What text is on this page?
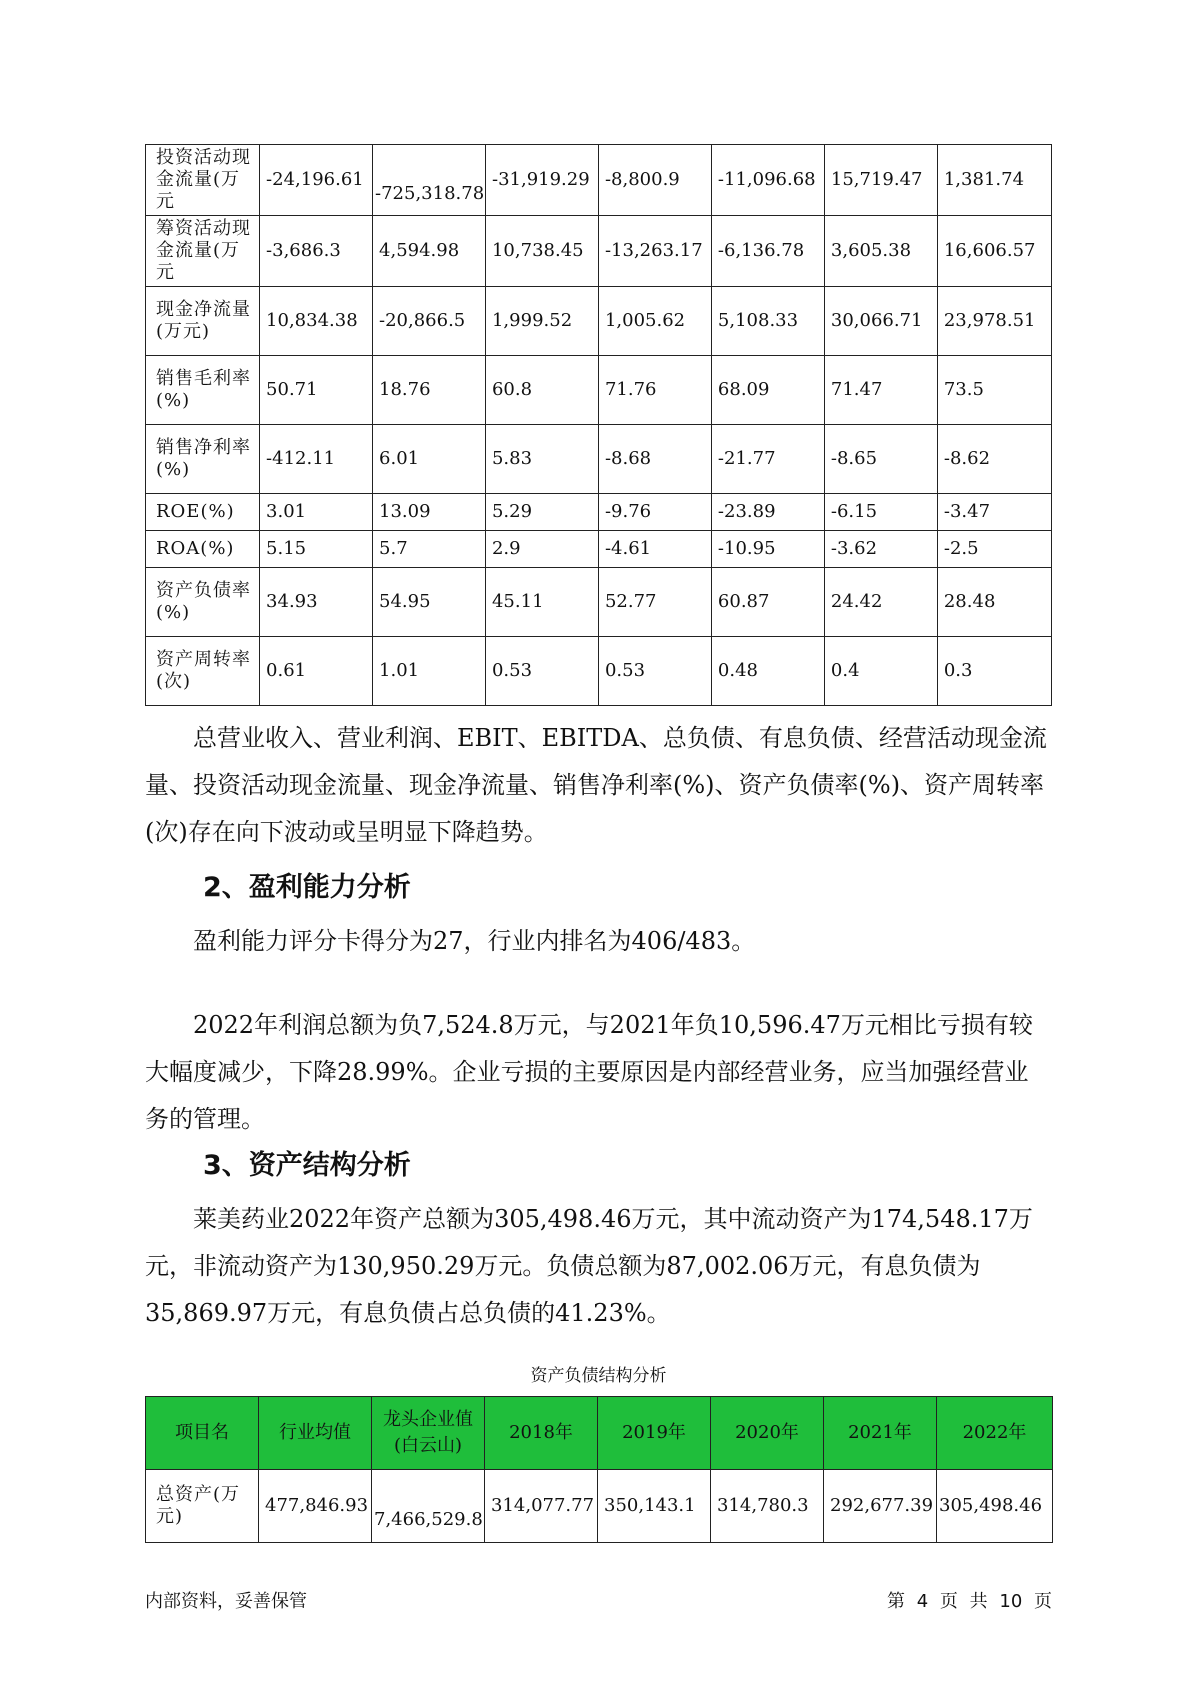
投资活动现金流量(万元	-24,196.61	-725,318.78	-31,919.29	-8,800.9	-11,096.68	15,719.47	1,381.74
筹资活动现金流量(万元	-3,686.3	4,594.98	10,738.45	-13,263.17	-6,136.78	3,605.38	16,606.57
现金净流量(万元)	10,834.38	-20,866.5	1,999.52	1,005.62	5,108.33	30,066.71	23,978.51
销售毛利率(%)	50.71	18.76	60.8	71.76	68.09	71.47	73.5
销售净利率(%)	-412.11	6.01	5.83	-8.68	-21.77	-8.65	-8.62
ROE(%)	3.01	13.09	5.29	-9.76	-23.89	-6.15	-3.47
ROA(%)	5.15	5.7	2.9	-4.61	-10.95	-3.62	-2.5
资产负债率(%)	34.93	54.95	45.11	52.77	60.87	24.42	28.48
资产周转率(次)	0.61	1.01	0.53	0.53	0.48	0.4	0.3

总营业收入、营业利润、EBIT、EBITDA、总负债、有息负债、经营活动现金流量、投资活动现金流量、现金净流量、销售净利率(%)、资产负债率(%)、资产周转率(次)存在向下波动或呈明显下降趋势。

2、盈利能力分析

盈利能力评分卡得分为27，行业内排名为406/483。

2022年利润总额为负7,524.8万元，与2021年负10,596.47万元相比亏损有较大幅度减少，下降28.99%。企业亏损的主要原因是内部经营业务，应当加强经营业务的管理。

3、资产结构分析

莱美药业2022年资产总额为305,498.46万元，其中流动资产为174,548.17万元，非流动资产为130,950.29万元。负债总额为87,002.06万元，有息负债为35,869.97万元，有息负债占总负债的41.23%。

资产负债结构分析
项目名	行业均值	龙头企业值(白云山)	2018年	2019年	2020年	2021年	2022年
总资产(万元)	477,846.93	7,466,529.8	314,077.77	350,143.1	314,780.3	292,677.39	305,498.46
内部资料，妥善保管	第 4 页 共 10 页
